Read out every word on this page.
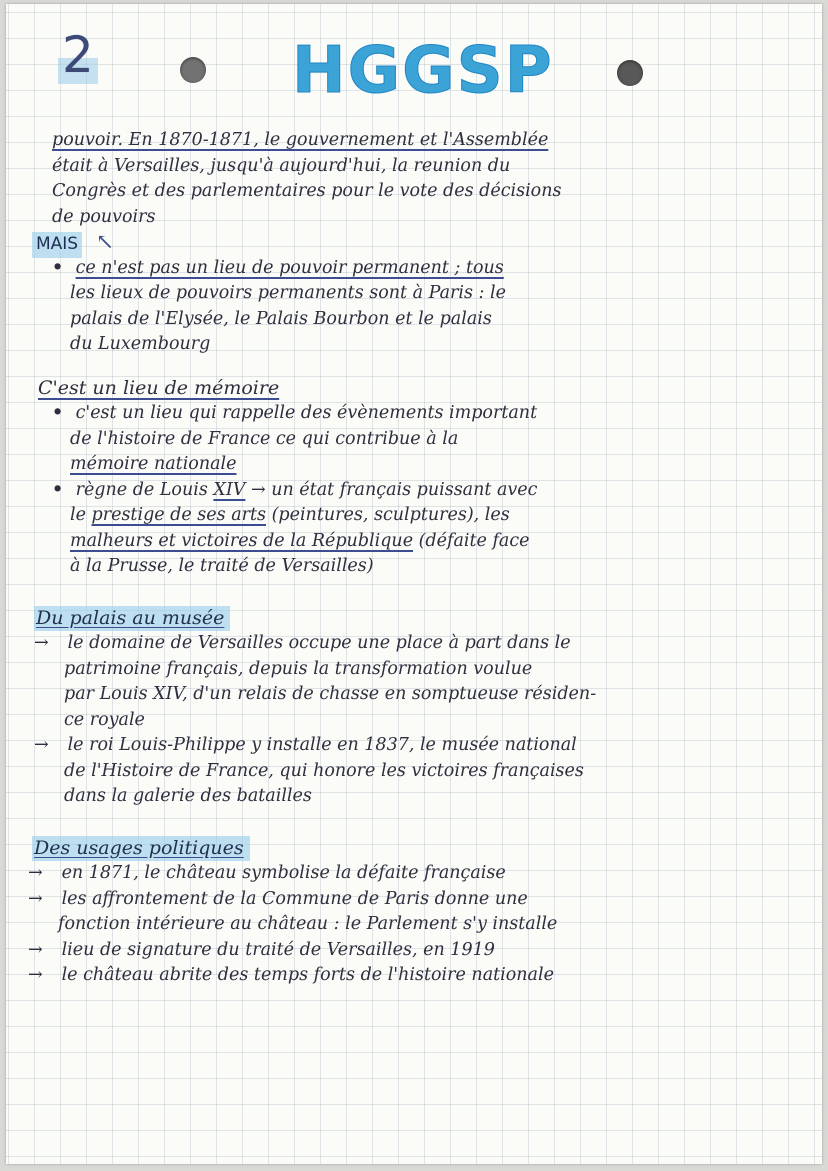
2	HGGSP
pouvoir. En 1870-1871, le gouvernement et l'Assemblée
était à Versailles, jusqu'à aujourd'hui, la reunion du
Congrès et des parlementaires pour le vote des décisions
de pouvoirs
MAIS ↖
• ce n'est pas un lieu de pouvoir permanent ; tous
les lieux de pouvoirs permanents sont à Paris : le
palais de l'Elysée, le Palais Bourbon et le palais
du Luxembourg
C'est un lieu de mémoire
• c'est un lieu qui rappelle des évènements important
de l'histoire de France ce qui contribue à la
mémoire nationale
• règne de Louis XIV → un état français puissant avec
le prestige de ses arts (peintures, sculptures), les
malheurs et victoires de la République (défaite face
à la Prusse, le traité de Versailles)
Du palais au musée
→ le domaine de Versailles occupe une place à part dans le
patrimoine français, depuis la transformation voulue
par Louis XIV, d'un relais de chasse en somptueuse résiden-
ce royale
→ le roi Louis-Philippe y installe en 1837, le musée national
de l'Histoire de France, qui honore les victoires françaises
dans la galerie des batailles
Des usages politiques
→ en 1871, le château symbolise la défaite française
→ les affrontement de la Commune de Paris donne une
fonction intérieure au château : le Parlement s'y installe
→ lieu de signature du traité de Versailles, en 1919
→ le château abrite des temps forts de l'histoire nationale
